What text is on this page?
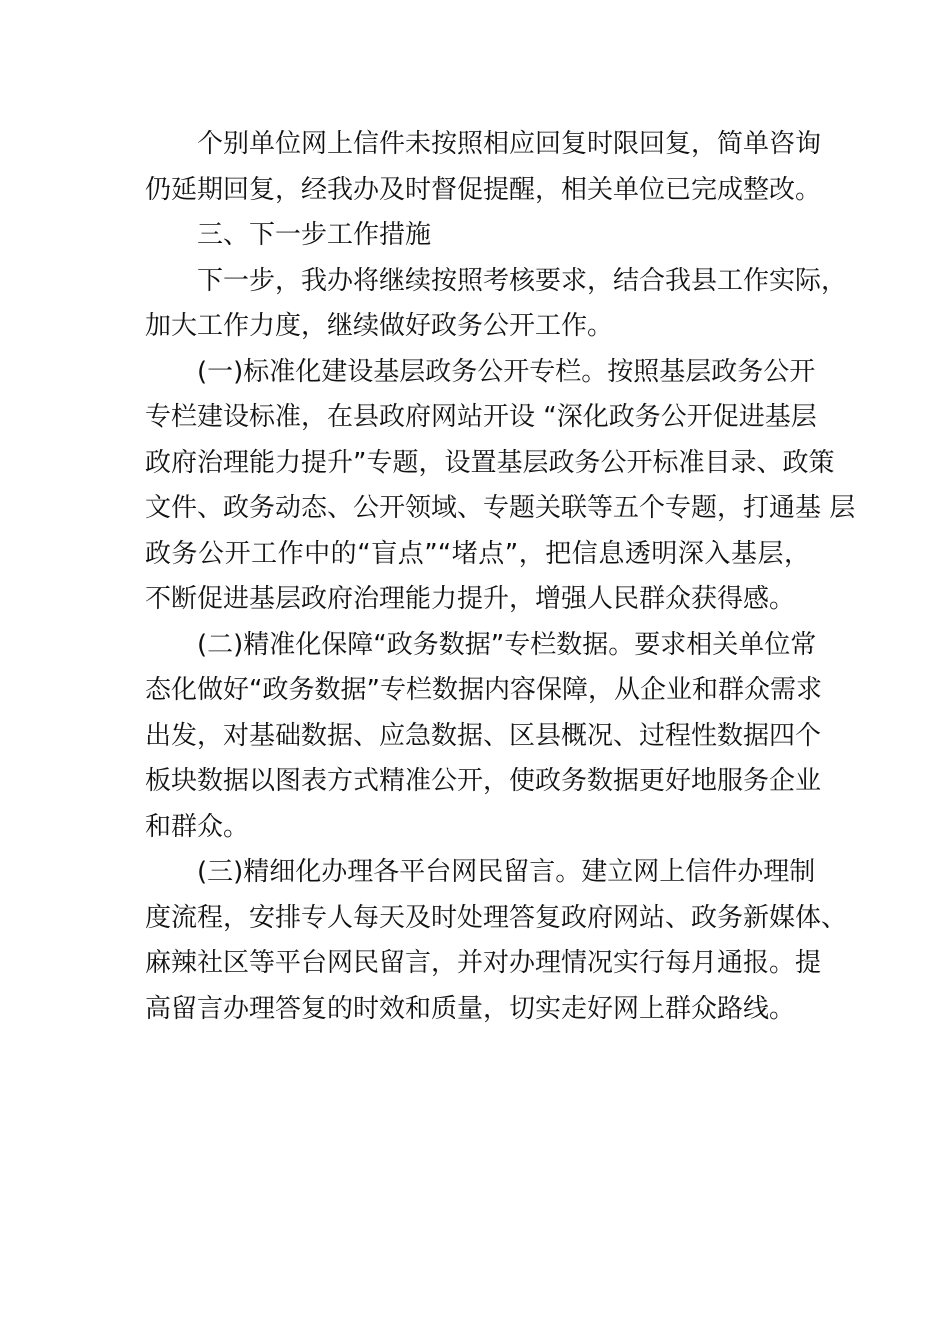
个别单位网上信件未按照相应回复时限回复，简单咨询
仍延期回复，经我办及时督促提醒，相关单位已完成整改。
三、下一步工作措施
下一步，我办将继续按照考核要求，结合我县工作实际，
加大工作力度，继续做好政务公开工作。
(一)标准化建设基层政务公开专栏。按照基层政务公开
专栏建设标准，在县政府网站开设 “深化政务公开促进基层
政府治理能力提升”专题，设置基层政务公开标准目录、政策
文件、政务动态、公开领域、专题关联等五个专题，打通基 层
政务公开工作中的“盲点”“堵点”，把信息透明深入基层，
不断促进基层政府治理能力提升，增强人民群众获得感。
(二)精准化保障“政务数据”专栏数据。要求相关单位常
态化做好“政务数据”专栏数据内容保障，从企业和群众需求
出发，对基础数据、应急数据、区县概况、过程性数据四个
板块数据以图表方式精准公开，使政务数据更好地服务企业
和群众。
(三)精细化办理各平台网民留言。建立网上信件办理制
度流程，安排专人每天及时处理答复政府网站、政务新媒体、
麻辣社区等平台网民留言，并对办理情况实行每月通报。提
高留言办理答复的时效和质量，切实走好网上群众路线。
